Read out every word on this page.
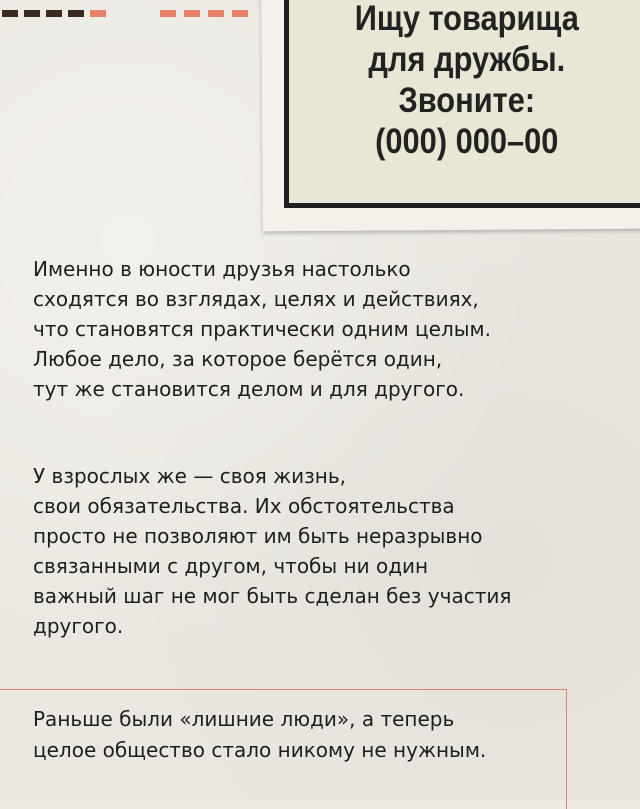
Ищу товарища
для дружбы.
Звоните:
(000) 000–00
Именно в юности друзья настолько
сходятся во взглядах, целях и действиях,
что становятся практически одним целым.
Любое дело, за которое берётся один,
тут же становится делом и для другого.
У взрослых же — своя жизнь,
свои обязательства. Их обстоятельства
просто не позволяют им быть неразрывно
связанными с другом, чтобы ни один
важный шаг не мог быть сделан без участия
другого.
Раньше были «лишние люди», а теперь
целое общество стало никому не нужным.
